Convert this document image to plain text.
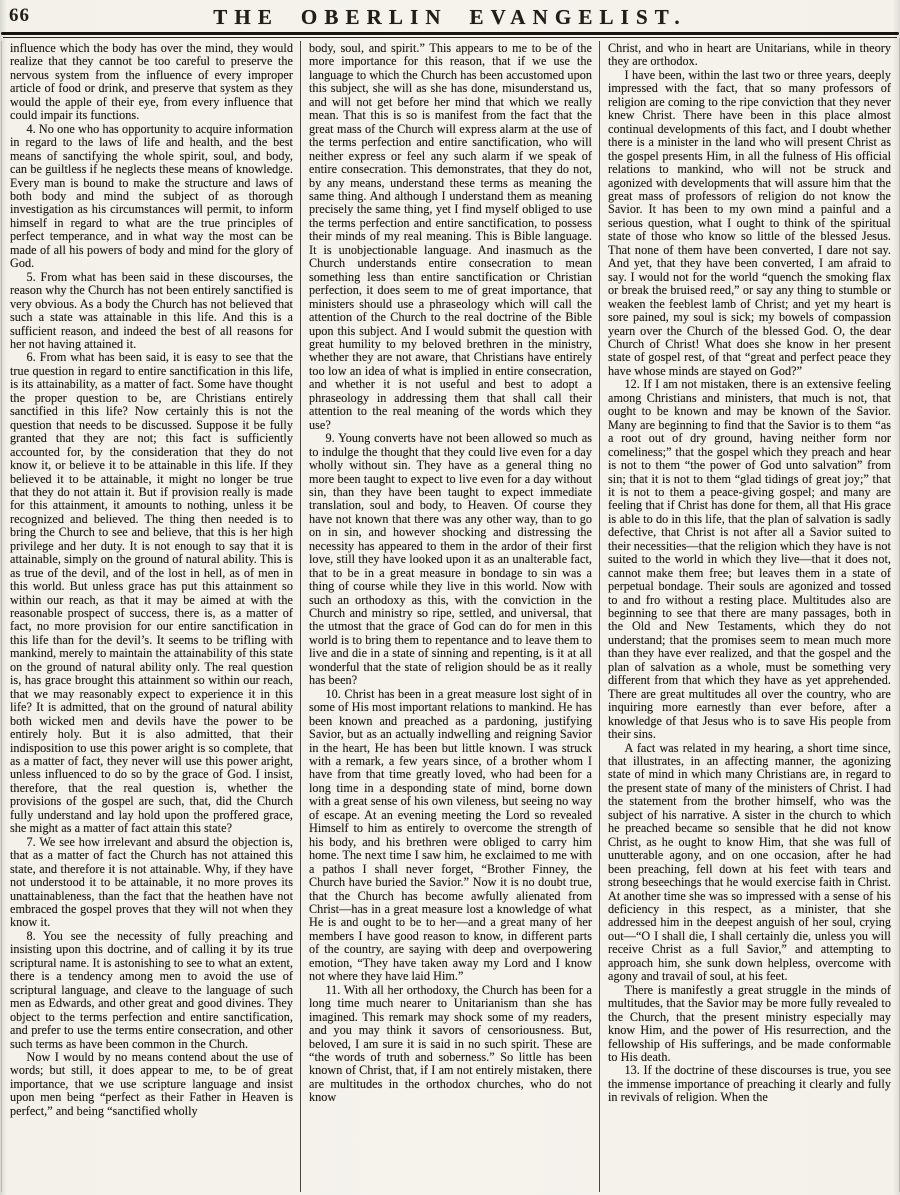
66	THE OBERLIN EVANGELIST.

influence which the body has over the mind, they would realize that they cannot be too careful to preserve the nervous system from the influence of every improper article of food or drink, and preserve that system as they would the apple of their eye, from every influence that could impair its functions.

4. No one who has opportunity to acquire information in regard to the laws of life and health, and the best means of sanctifying the whole spirit, soul, and body, can be guiltless if he neglects these means of knowledge. Every man is bound to make the structure and laws of both body and mind the subject of as thorough investigation as his circumstances will permit, to inform himself in regard to what are the true principles of perfect temperance, and in what way the most can be made of all his powers of body and mind for the glory of God.

5. From what has been said in these discourses, the reason why the Church has not been entirely sanctified is very obvious. As a body the Church has not believed that such a state was attainable in this life. And this is a sufficient reason, and indeed the best of all reasons for her not having attained it.

6. From what has been said, it is easy to see that the true question in regard to entire sanctification in this life, is its attainability, as a matter of fact. Some have thought the proper question to be, are Christians entirely sanctified in this life? Now certainly this is not the question that needs to be discussed. Suppose it be fully granted that they are not; this fact is sufficiently accounted for, by the consideration that they do not know it, or believe it to be attainable in this life. If they believed it to be attainable, it might no longer be true that they do not attain it. But if provision really is made for this attainment, it amounts to nothing, unless it be recognized and believed. The thing then needed is to bring the Church to see and believe, that this is her high privilege and her duty. It is not enough to say that it is attainable, simply on the ground of natural ability. This is as true of the devil, and of the lost in hell, as of men in this world. But unless grace has put this attainment so within our reach, as that it may be aimed at with the reasonable prospect of success, there is, as a matter of fact, no more provision for our entire sanctification in this life than for the devil’s. It seems to be trifling with mankind, merely to maintain the attainability of this state on the ground of natural ability only. The real question is, has grace brought this attainment so within our reach, that we may reasonably expect to experience it in this life? It is admitted, that on the ground of natural ability both wicked men and devils have the power to be entirely holy. But it is also admitted, that their indisposition to use this power aright is so complete, that as a matter of fact, they never will use this power aright, unless influenced to do so by the grace of God. I insist, therefore, that the real question is, whether the provisions of the gospel are such, that, did the Church fully understand and lay hold upon the proffered grace, she might as a matter of fact attain this state?

7. We see how irrelevant and absurd the objection is, that as a matter of fact the Church has not attained this state, and therefore it is not attainable. Why, if they have not understood it to be attainable, it no more proves its unattainableness, than the fact that the heathen have not embraced the gospel proves that they will not when they know it.

8. You see the necessity of fully preaching and insisting upon this doctrine, and of calling it by its true scriptural name. It is astonishing to see to what an extent, there is a tendency among men to avoid the use of scriptural language, and cleave to the language of such men as Edwards, and other great and good divines. They object to the terms perfection and entire sanctification, and prefer to use the terms entire consecration, and other such terms as have been common in the Church.

Now I would by no means contend about the use of words; but still, it does appear to me, to be of great importance, that we use scripture language and insist upon men being “perfect as their Father in Heaven is perfect,” and being “sanctified wholly

body, soul, and spirit.” This appears to me to be of the more importance for this reason, that if we use the language to which the Church has been accustomed upon this subject, she will as she has done, misunderstand us, and will not get before her mind that which we really mean. That this is so is manifest from the fact that the great mass of the Church will express alarm at the use of the terms perfection and entire sanctification, who will neither express or feel any such alarm if we speak of entire consecration. This demonstrates, that they do not, by any means, understand these terms as meaning the same thing. And although I understand them as meaning precisely the same thing, yet I find myself obliged to use the terms perfection and entire sanctification, to possess their minds of my real meaning. This is Bible language. It is unobjectionable language. And inasmuch as the Church understands entire consecration to mean something less than entire sanctification or Christian perfection, it does seem to me of great importance, that ministers should use a phraseology which will call the attention of the Church to the real doctrine of the Bible upon this subject. And I would submit the question with great humility to my beloved brethren in the ministry, whether they are not aware, that Christians have entirely too low an idea of what is implied in entire consecration, and whether it is not useful and best to adopt a phraseology in addressing them that shall call their attention to the real meaning of the words which they use?

9. Young converts have not been allowed so much as to indulge the thought that they could live even for a day wholly without sin. They have as a general thing no more been taught to expect to live even for a day without sin, than they have been taught to expect immediate translation, soul and body, to Heaven. Of course they have not known that there was any other way, than to go on in sin, and however shocking and distressing the necessity has appeared to them in the ardor of their first love, still they have looked upon it as an unalterable fact, that to be in a great measure in bondage to sin was a thing of course while they live in this world. Now with such an orthodoxy as this, with the conviction in the Church and ministry so ripe, settled, and universal, that the utmost that the grace of God can do for men in this world is to bring them to repentance and to leave them to live and die in a state of sinning and repenting, is it at all wonderful that the state of religion should be as it really has been?

10. Christ has been in a great measure lost sight of in some of His most important relations to mankind. He has been known and preached as a pardoning, justifying Savior, but as an actually indwelling and reigning Savior in the heart, He has been but little known. I was struck with a remark, a few years since, of a brother whom I have from that time greatly loved, who had been for a long time in a desponding state of mind, borne down with a great sense of his own vileness, but seeing no way of escape. At an evening meeting the Lord so revealed Himself to him as entirely to overcome the strength of his body, and his brethren were obliged to carry him home. The next time I saw him, he exclaimed to me with a pathos I shall never forget, “Brother Finney, the Church have buried the Savior.” Now it is no doubt true, that the Church has become awfully alienated from Christ—has in a great measure lost a knowledge of what He is and ought to be to her—and a great many of her members I have good reason to know, in different parts of the country, are saying with deep and overpowering emotion, “They have taken away my Lord and I know not where they have laid Him.”

11. With all her orthodoxy, the Church has been for a long time much nearer to Unitarianism than she has imagined. This remark may shock some of my readers, and you may think it savors of censoriousness. But, beloved, I am sure it is said in no such spirit. These are “the words of truth and soberness.” So little has been known of Christ, that, if I am not entirely mistaken, there are multitudes in the orthodox churches, who do not know

Christ, and who in heart are Unitarians, while in theory they are orthodox.

I have been, within the last two or three years, deeply impressed with the fact, that so many professors of religion are coming to the ripe conviction that they never knew Christ. There have been in this place almost continual developments of this fact, and I doubt whether there is a minister in the land who will present Christ as the gospel presents Him, in all the fulness of His official relations to mankind, who will not be struck and agonized with developments that will assure him that the great mass of professors of religion do not know the Savior. It has been to my own mind a painful and a serious question, what I ought to think of the spiritual state of those who know so little of the blessed Jesus. That none of them have been converted, I dare not say. And yet, that they have been converted, I am afraid to say. I would not for the world “quench the smoking flax or break the bruised reed,” or say any thing to stumble or weaken the feeblest lamb of Christ; and yet my heart is sore pained, my soul is sick; my bowels of compassion yearn over the Church of the blessed God. O, the dear Church of Christ! What does she know in her present state of gospel rest, of that “great and perfect peace they have whose minds are stayed on God?”

12. If I am not mistaken, there is an extensive feeling among Christians and ministers, that much is not, that ought to be known and may be known of the Savior. Many are beginning to find that the Savior is to them “as a root out of dry ground, having neither form nor comeliness;” that the gospel which they preach and hear is not to them “the power of God unto salvation” from sin; that it is not to them “glad tidings of great joy;” that it is not to them a peace-giving gospel; and many are feeling that if Christ has done for them, all that His grace is able to do in this life, that the plan of salvation is sadly defective, that Christ is not after all a Savior suited to their necessities—that the religion which they have is not suited to the world in which they live—that it does not, cannot make them free; but leaves them in a state of perpetual bondage. Their souls are agonized and tossed to and fro without a resting place. Multitudes also are beginning to see that there are many passages, both in the Old and New Testaments, which they do not understand; that the promises seem to mean much more than they have ever realized, and that the gospel and the plan of salvation as a whole, must be something very different from that which they have as yet apprehended. There are great multitudes all over the country, who are inquiring more earnestly than ever before, after a knowledge of that Jesus who is to save His people from their sins.

A fact was related in my hearing, a short time since, that illustrates, in an affecting manner, the agonizing state of mind in which many Christians are, in regard to the present state of many of the ministers of Christ. I had the statement from the brother himself, who was the subject of his narrative. A sister in the church to which he preached became so sensible that he did not know Christ, as he ought to know Him, that she was full of unutterable agony, and on one occasion, after he had been preaching, fell down at his feet with tears and strong beseechings that he would exercise faith in Christ. At another time she was so impressed with a sense of his deficiency in this respect, as a minister, that she addressed him in the deepest anguish of her soul, crying out—“O I shall die, I shall certainly die, unless you will receive Christ as a full Savior,” and attempting to approach him, she sunk down helpless, overcome with agony and travail of soul, at his feet.

There is manifestly a great struggle in the minds of multitudes, that the Savior may be more fully revealed to the Church, that the present ministry especially may know Him, and the power of His resurrection, and the fellowship of His sufferings, and be made conformable to His death.

13. If the doctrine of these discourses is true, you see the immense importance of preaching it clearly and fully in revivals of religion. When the
